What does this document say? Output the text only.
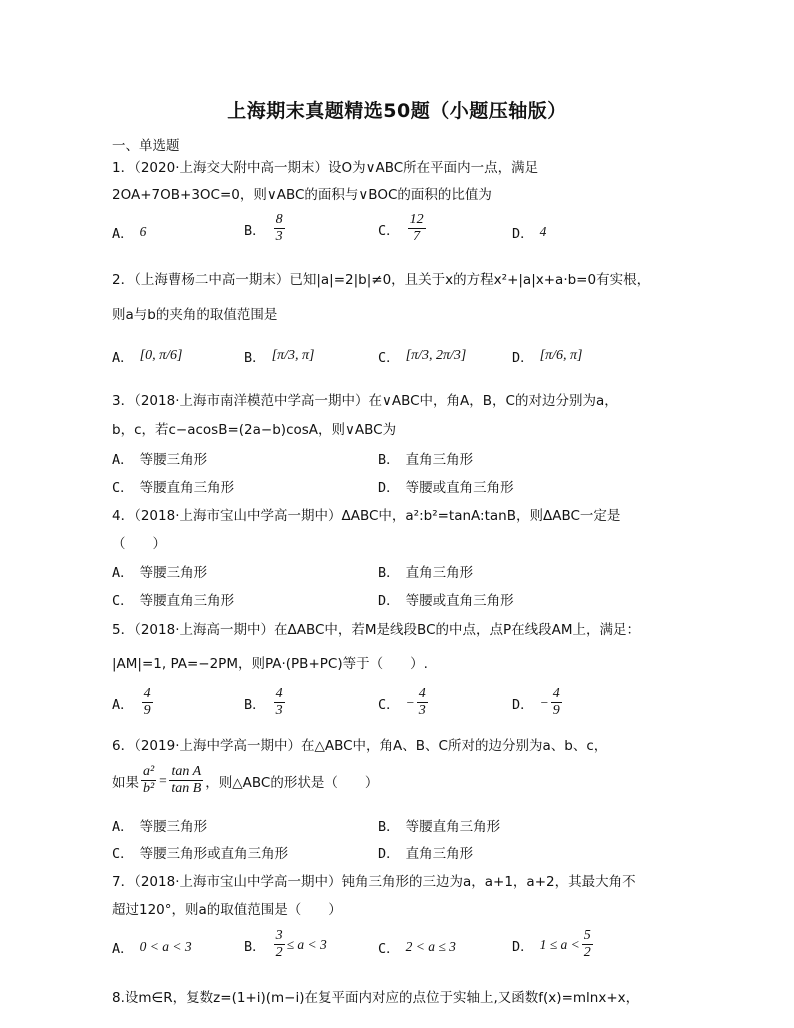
上海期末真题精选50题（小题压轴版）
一、单选题
1．（2020·上海交大附中高一期末）设O为∨ABC所在平面内一点，满足
2OA+7OB+3OC=0，则∨ABC的面积与∨BOC的面积的比值为
A． 6	B． $\frac{8}{3}$	C． $\frac{12}{7}$	D． 4
2．（上海曹杨二中高一期末）已知|a|=2|b|≠0，且关于x的方程x²+|a|x+a·b=0有实根，
则a与b的夹角的取值范围是
A． [0, π/6]	B． [π/3, π]	C． [π/3, 2π/3]	D． [π/6, π]
3．（2018·上海市南洋模范中学高一期中）在∨ABC中，角A，B，C的对边分别为a，
b，c，若c−acosB=(2a−b)cosA，则∨ABC为
A． 等腰三角形	B． 直角三角形
C． 等腰直角三角形	D． 等腰或直角三角形
4．（2018·上海市宝山中学高一期中）ΔABC中，a²:b²=tanA:tanB，则ΔABC一定是
（　　）
A． 等腰三角形	B． 直角三角形
C． 等腰直角三角形	D． 等腰或直角三角形
5．（2018·上海高一期中）在ΔABC中，若M是线段BC的中点，点P在线段AM上，满足：
|AM|=1, PA=−2PM，则PA·(PB+PC)等于（　　）.
A． $\frac{4}{9}$	B． $\frac{4}{3}$	C． − $\frac{4}{3}$	D． − $\frac{4}{9}$
6．（2019·上海中学高一期中）在△ABC中，角A、B、C所对的边分别为a、b、c，
如果 $\frac{\text{a²}}{\text{b²}} = \frac{\text{tan A}}{\text{tan B}}$ ，则△ABC的形状是（　　）
A． 等腰三角形	B． 等腰直角三角形
C． 等腰三角形或直角三角形	D． 直角三角形
7．（2018·上海市宝山中学高一期中）钝角三角形的三边为a，a+1，a+2，其最大角不
超过120°，则a的取值范围是（　　）
A． 0 < a < 3	B． $\frac{3}{2} \le a < 3$	C． 2 < a ≤ 3	D． $1 \le a < \frac{5}{2}$
8.设m∈R，复数z=(1+i)(m−i)在复平面内对应的点位于实轴上,又函数f(x)=mlnx+x，
